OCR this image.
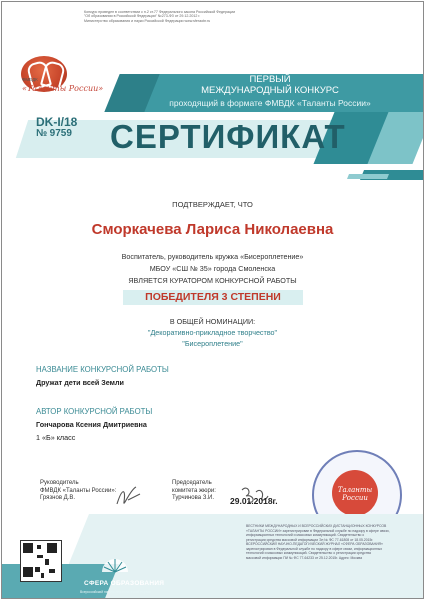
Конкурс проведен в соответствии с п.2 ст.77 Федерального закона Российской Федерации
"Об образовании в Российской Федерации" №273-ФЗ от 29.12.2012 г.
Министерство образования и науки Российской Федерации www.sferaobr.ru
ФМВДК
«Таланты России»
ПЕРВЫЙ
МЕЖДУНАРОДНЫЙ КОНКУРС
проходящий в формате ФМВДК «Таланты России»
DK-I/18
№ 9759 СЕРТИФИКАТ
ПОДТВЕРЖДАЕТ, ЧТО
Сморкачева Лариса Николаевна
Воспитатель, руководитель кружка «Бисероплетение»
МБОУ «СШ № 35» города Смоленска
ЯВЛЯЕТСЯ КУРАТОРОМ КОНКУРСНОЙ РАБОТЫ
ПОБЕДИТЕЛЯ 3 СТЕПЕНИ
В ОБЩЕЙ НОМИНАЦИИ:
"Декоративно-прикладное творчество"
"Бисероплетение"
НАЗВАНИЕ КОНКУРСНОЙ РАБОТЫ
Дружат дети всей Земли
АВТОР КОНКУРСНОЙ РАБОТЫ
Гончарова Ксения Дмитриевна
1 «Б» класс
Руководитель
ФМВДК «Таланты России»:
Грязнов Д.В.
Председатель
комитета жюри:
Турчинова З.И. 29.01.2018г.
Таланты России
СФЕРА ОБРАЗОВАНИЯ
Всероссийский научно-педагогический портал
ВЕСТНИКИ МЕЖДУНАРОДНЫХ И ВСЕРОССИЙСКИХ ДИСТАНЦИОННЫХ КОНКУРСОВ
«ТАЛАНТЫ РОССИИ» зарегистрирован в Федеральной службе по надзору в сфере связи,
информационных технологий и массовых коммуникаций. Свидетельство о
регистрации средства массовой информации Эл № ФС 77-61808 от 18.05.2015г.
ВСЕРОССИЙСКИЙ НАУЧНО-ПЕДАГОГИЧЕСКИЙ ЖУРНАЛ «СФЕРА ОБРАЗОВАНИЯ»
зарегистрирован в Федеральной службе по надзору в сфере связи, информационных
технологий и массовых коммуникаций. Свидетельство о регистрации средства
массовой информации ПИ № ФС 77-64233 от 25.12.2015г. Адрес: Москва
